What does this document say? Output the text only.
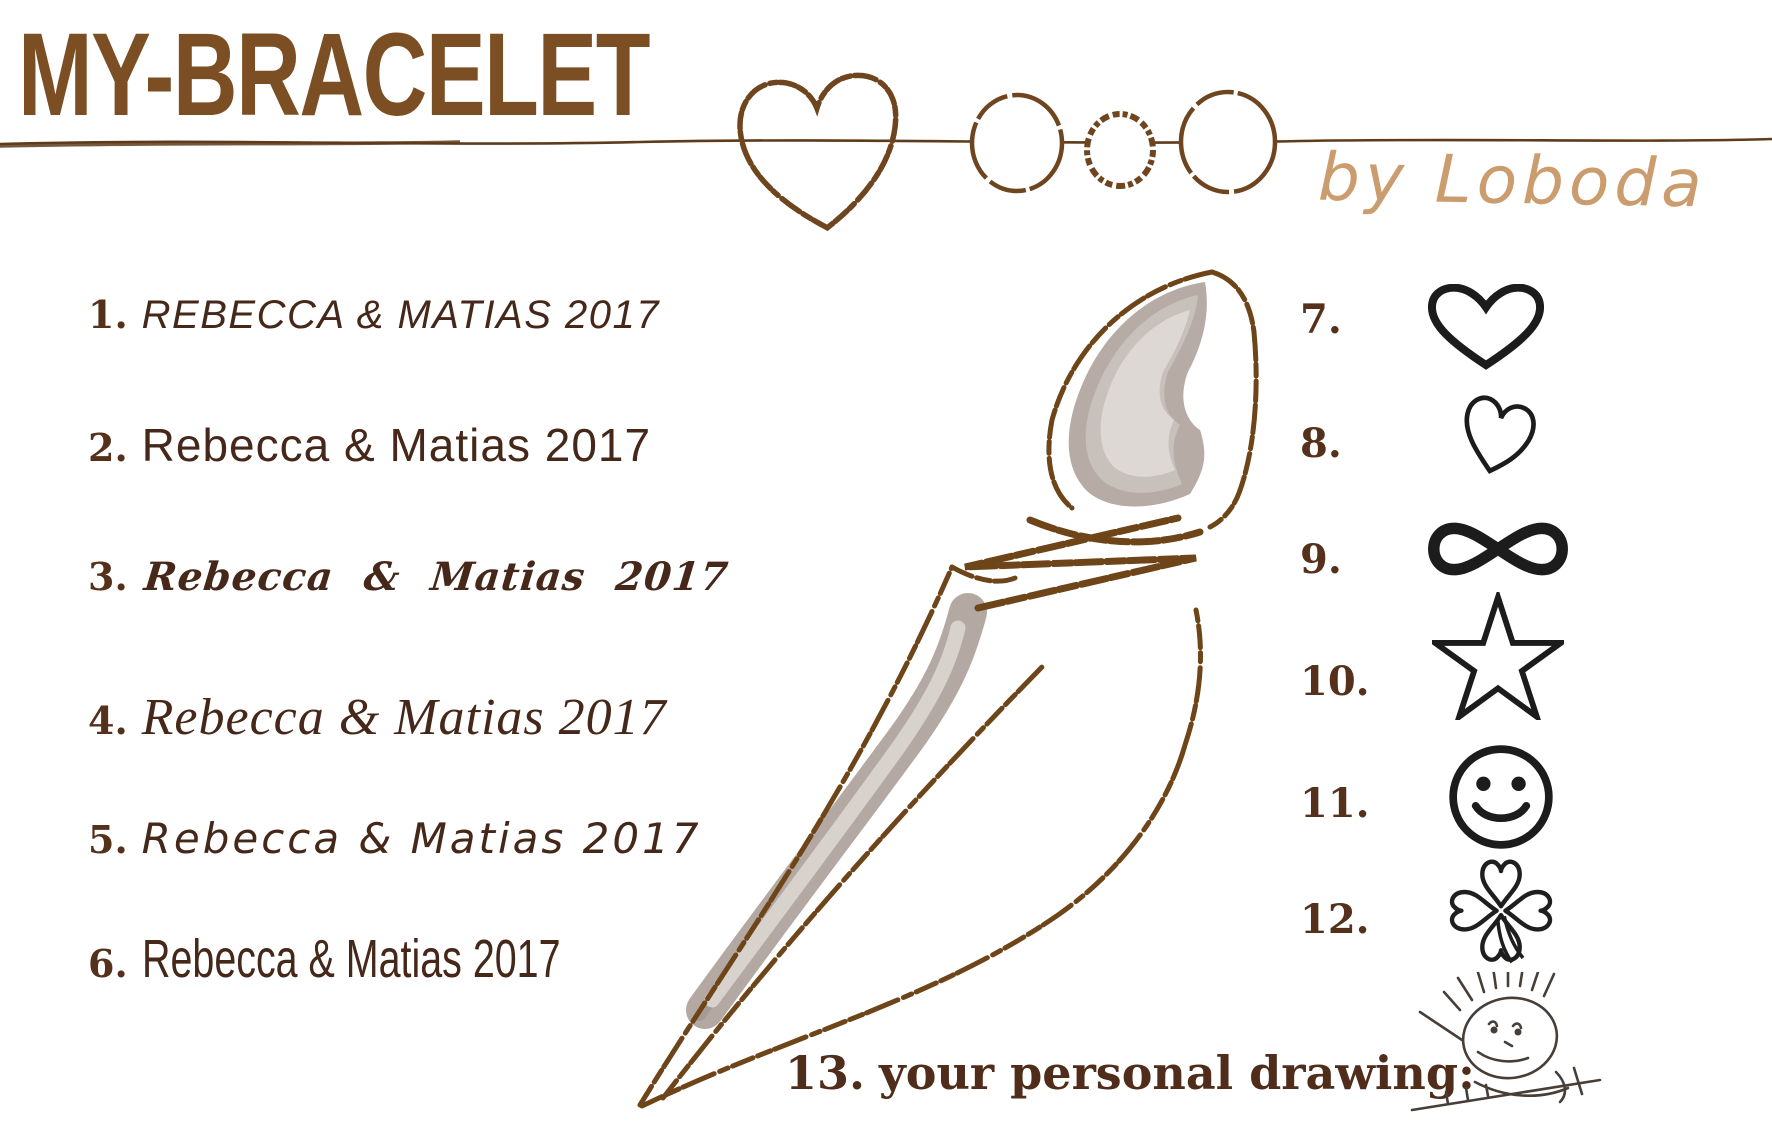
MY-BRACELET
by Loboda
1. REBECCA & MATIAS 2017
2. Rebecca & Matias 2017
3. Rebecca & Matias 2017
4. Rebecca & Matias 2017
5. Rebecca & Matias 2017
6. Rebecca & Matias 2017
7.
8.
9.
10.
11.
12.
13. your personal drawing:
